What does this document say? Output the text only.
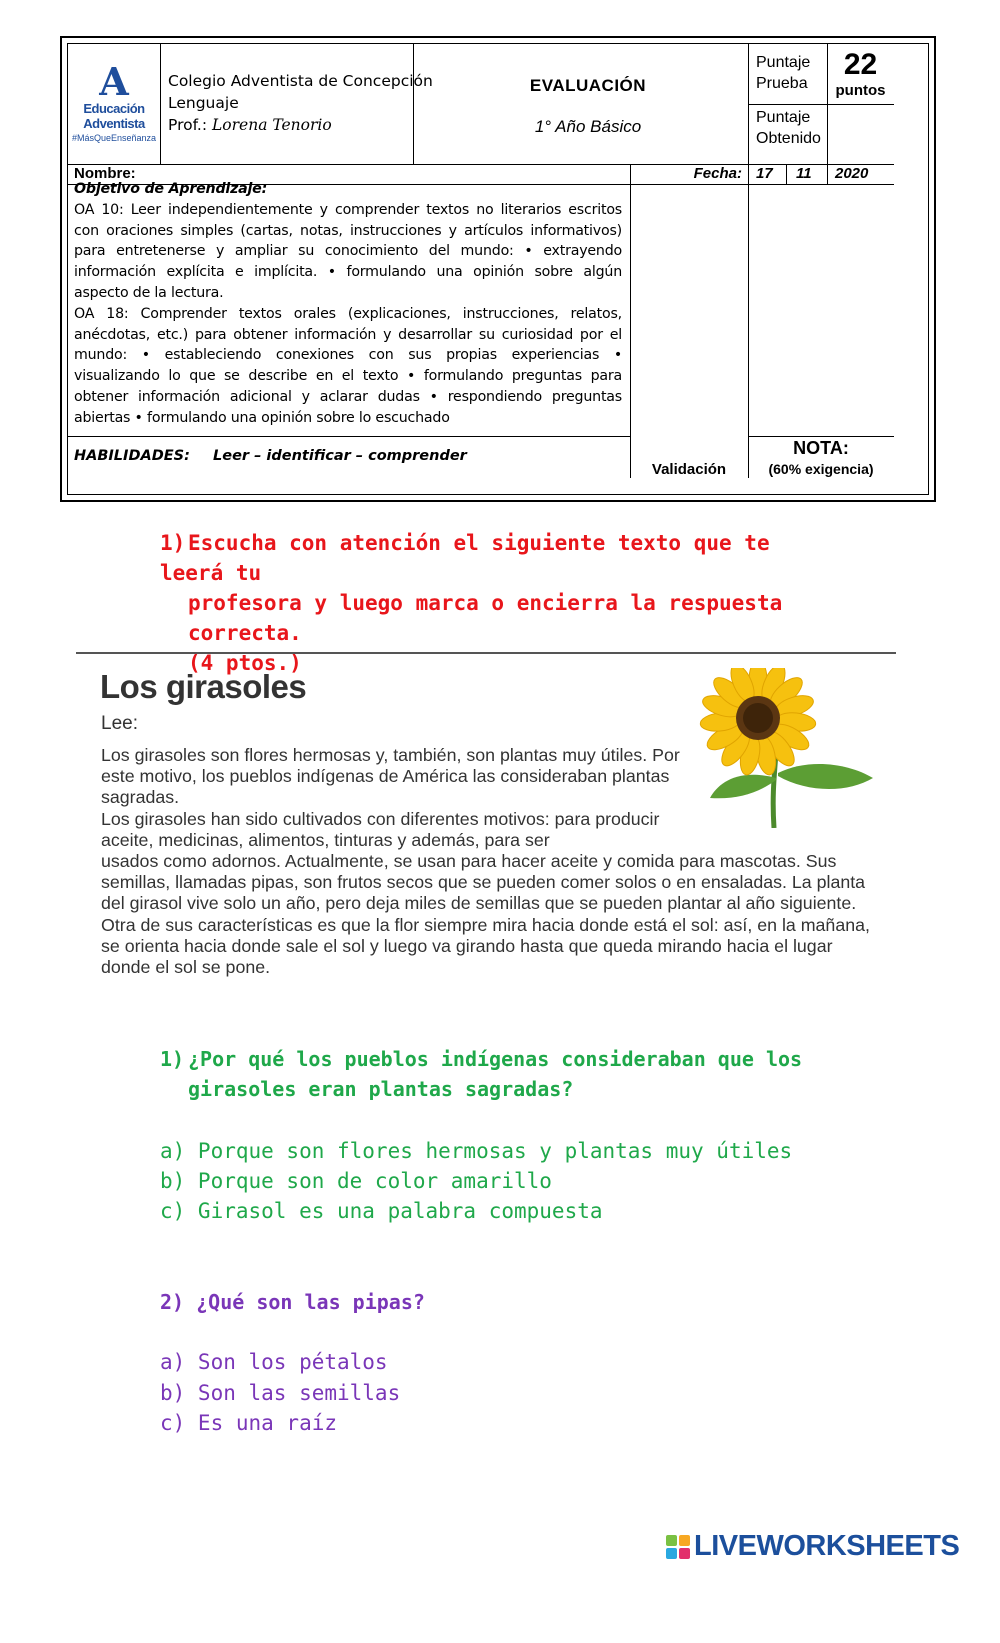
A
Educación
Adventista
#MásQueEnseñanza
Colegio Adventista de Concepción
Lenguaje
Prof.: Lorena Tenorio
EVALUACIÓN
1° Año Básico
Puntaje
Prueba
22
puntos
Puntaje
Obtenido
Nombre:	Fecha: 17 11 2020
Objetivo de Aprendizaje:
OA 10: Leer independientemente y comprender textos no literarios escritos con oraciones simples (cartas, notas, instrucciones y artículos informativos) para entretenerse y ampliar su conocimiento del mundo: • extrayendo información explícita e implícita. • formulando una opinión sobre algún aspecto de la lectura.
OA 18: Comprender textos orales (explicaciones, instrucciones, relatos, anécdotas, etc.) para obtener información y desarrollar su curiosidad por el mundo: • estableciendo conexiones con sus propias experiencias • visualizando lo que se describe en el texto • formulando preguntas para obtener información adicional y aclarar dudas • respondiendo preguntas abiertas • formulando una opinión sobre lo escuchado
HABILIDADES: Leer – identificar – comprender
Validación
NOTA:
(60% exigencia)
1) Escucha con atención el siguiente texto que te leerá tu
profesora y luego marca o encierra la respuesta correcta.
(4 ptos.)
Los girasoles
Lee:
Los girasoles son flores hermosas y, también, son plantas muy útiles. Por este motivo, los pueblos indígenas de América las consideraban plantas sagradas.
Los girasoles han sido cultivados con diferentes motivos: para producir aceite, medicinas, alimentos, tinturas y además, para ser
usados como adornos. Actualmente, se usan para hacer aceite y comida para mascotas. Sus semillas, llamadas pipas, son frutos secos que se pueden comer solos o en ensaladas. La planta del girasol vive solo un año, pero deja miles de semillas que se pueden plantar al año siguiente. Otra de sus características es que la flor siempre mira hacia donde está el sol: así, en la mañana, se orienta hacia donde sale el sol y luego va girando hasta que queda mirando hacia el lugar donde el sol se pone.
1) ¿Por qué los pueblos indígenas consideraban que los
girasoles eran plantas sagradas?
a) Porque son flores hermosas y plantas muy útiles
b) Porque son de color amarillo
c) Girasol es una palabra compuesta
2) ¿Qué son las pipas?
a) Son los pétalos
b) Son las semillas
c) Es una raíz
LIVEWORKSHEETS
